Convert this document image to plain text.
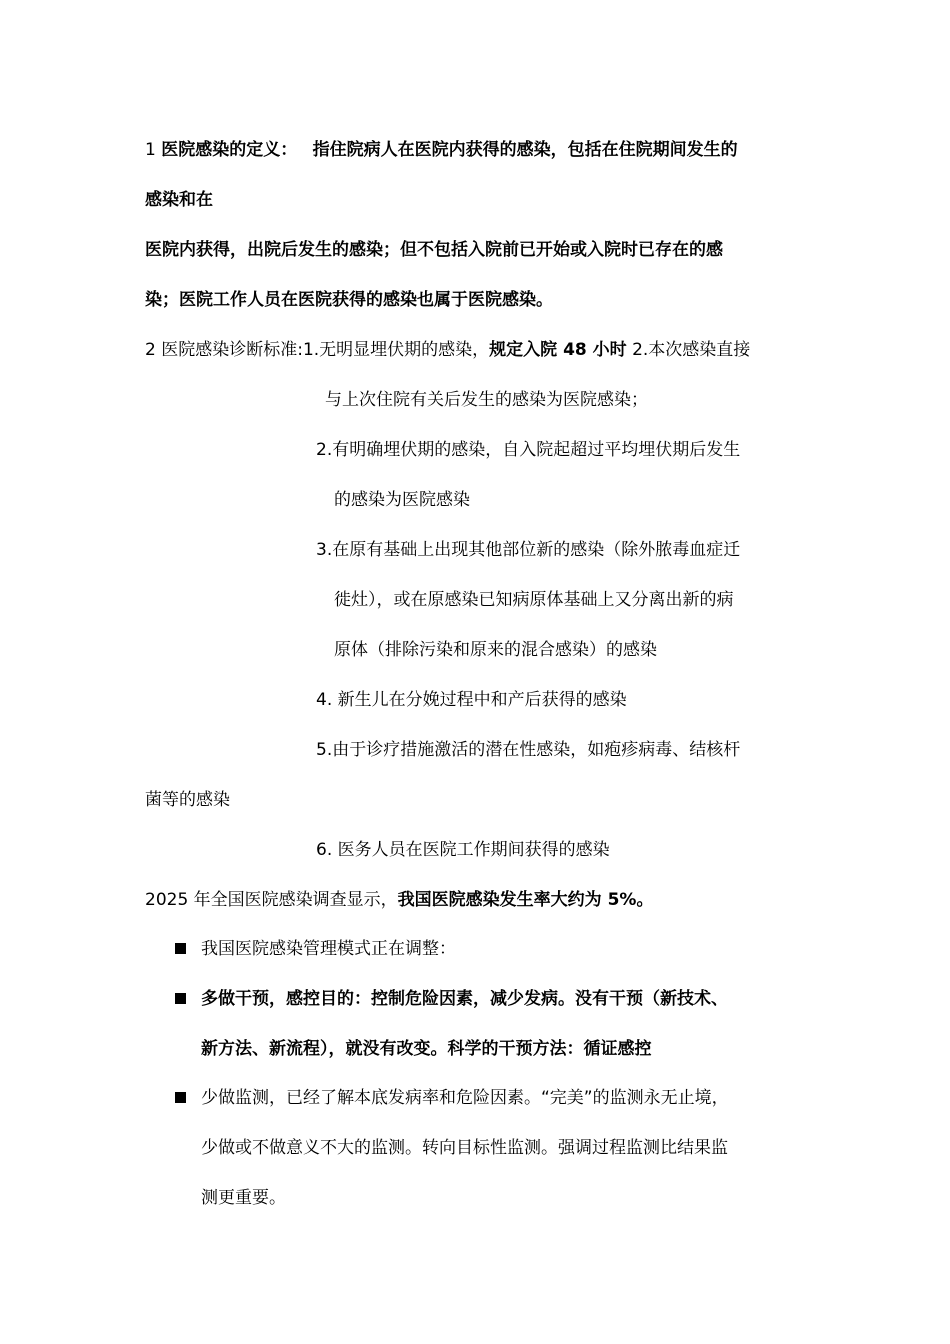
1 医院感染的定义： 指住院病人在医院内获得的感染，包括在住院期间发生的
感染和在
医院内获得，出院后发生的感染；但不包括入院前已开始或入院时已存在的感
染；医院工作人员在医院获得的感染也属于医院感染。
2 医院感染诊断标准:1.无明显埋伏期的感染，规定入院 48 小时 2.本次感染直接
与上次住院有关后发生的感染为医院感染；
2.有明确埋伏期的感染，自入院起超过平均埋伏期后发生
的感染为医院感染
3.在原有基础上出现其他部位新的感染（除外脓毒血症迁
徙灶），或在原感染已知病原体基础上又分离出新的病
原体（排除污染和原来的混合感染）的感染
4. 新生儿在分娩过程中和产后获得的感染
5.由于诊疗措施激活的潜在性感染，如疱疹病毒、结核杆
菌等的感染
6. 医务人员在医院工作期间获得的感染
2025 年全国医院感染调查显示，我国医院感染发生率大约为 5%。
我国医院感染管理模式正在调整：
多做干预，感控目的：控制危险因素，减少发病。没有干预（新技术、
新方法、新流程），就没有改变。科学的干预方法：循证感控
少做监测，已经了解本底发病率和危险因素。“完美”的监测永无止境，
少做或不做意义不大的监测。转向目标性监测。强调过程监测比结果监
测更重要。
